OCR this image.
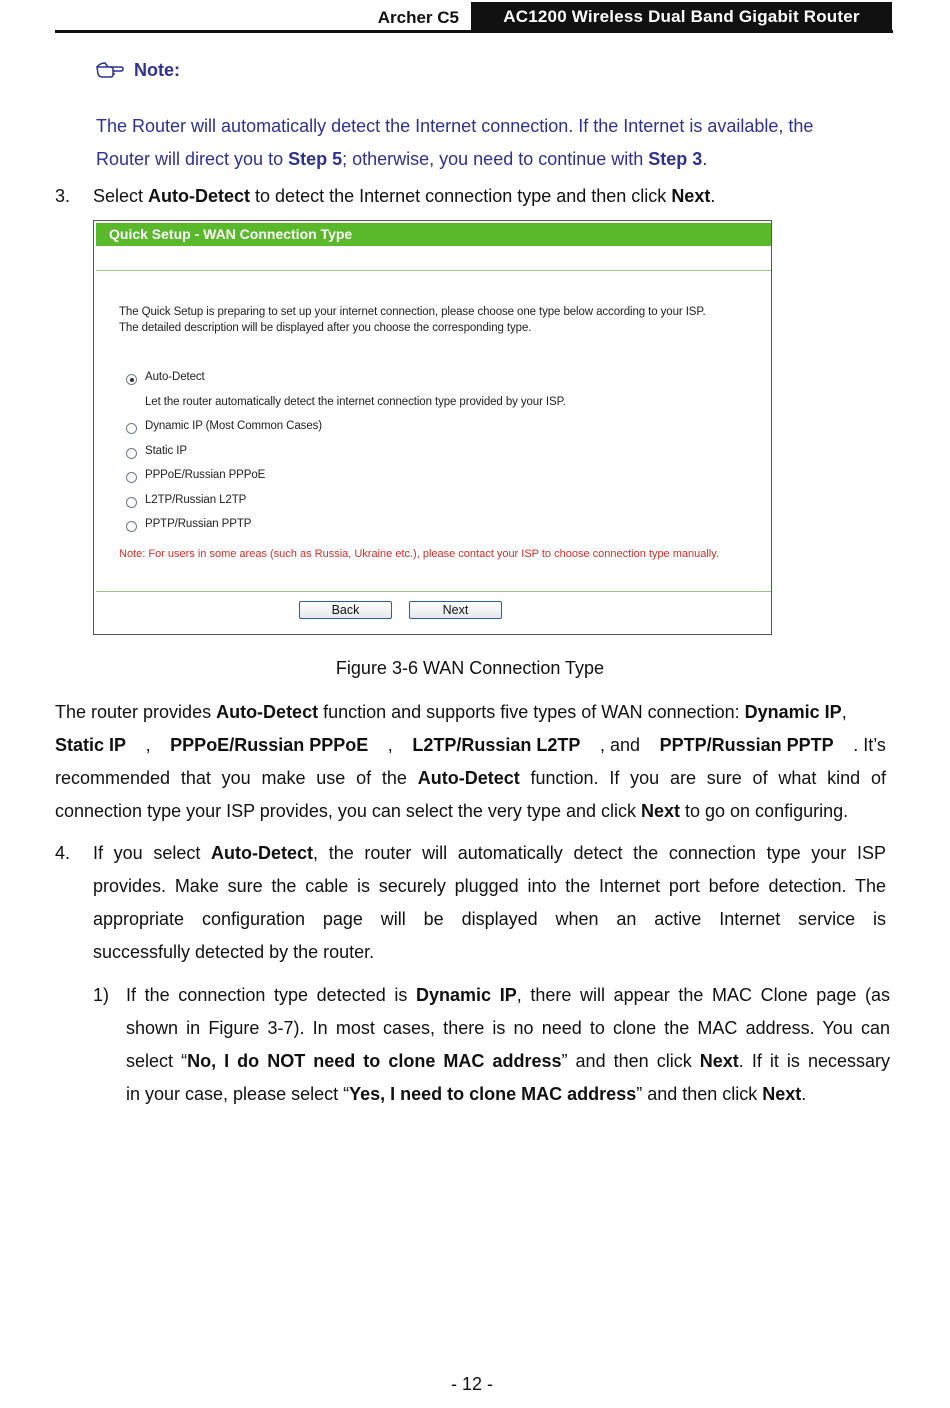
Archer C5	AC1200 Wireless Dual Band Gigabit Router
Note:
The Router will automatically detect the Internet connection. If the Internet is available, the
Router will direct you to Step 5; otherwise, you need to continue with Step 3.
3. Select Auto-Detect to detect the Internet connection type and then click Next.
Quick Setup - WAN Connection Type
The Quick Setup is preparing to set up your internet connection, please choose one type below according to your ISP.
The detailed description will be displayed after you choose the corresponding type.
Auto-Detect
Let the router automatically detect the internet connection type provided by your ISP.
Dynamic IP (Most Common Cases)
Static IP
PPPoE/Russian PPPoE
L2TP/Russian L2TP
PPTP/Russian PPTP
Note: For users in some areas (such as Russia, Ukraine etc.), please contact your ISP to choose connection type manually.
Back	Next
Figure 3-6 WAN Connection Type
The router provides Auto-Detect function and supports five types of WAN connection: Dynamic IP,
Static IP , PPPoE/Russian PPPoE , L2TP/Russian L2TP , and PPTP/Russian PPTP . It’s
recommended that you make use of the Auto-Detect function. If you are sure of what kind of
connection type your ISP provides, you can select the very type and click Next to go on configuring.
4. If you select Auto-Detect, the router will automatically detect the connection type your ISP
provides. Make sure the cable is securely plugged into the Internet port before detection. The
appropriate configuration page will be displayed when an active Internet service is
successfully detected by the router.
1) If the connection type detected is Dynamic IP, there will appear the MAC Clone page (as
shown in Figure 3-7). In most cases, there is no need to clone the MAC address. You can
select “No, I do NOT need to clone MAC address” and then click Next. If it is necessary
in your case, please select “Yes, I need to clone MAC address” and then click Next.
- 12 -
